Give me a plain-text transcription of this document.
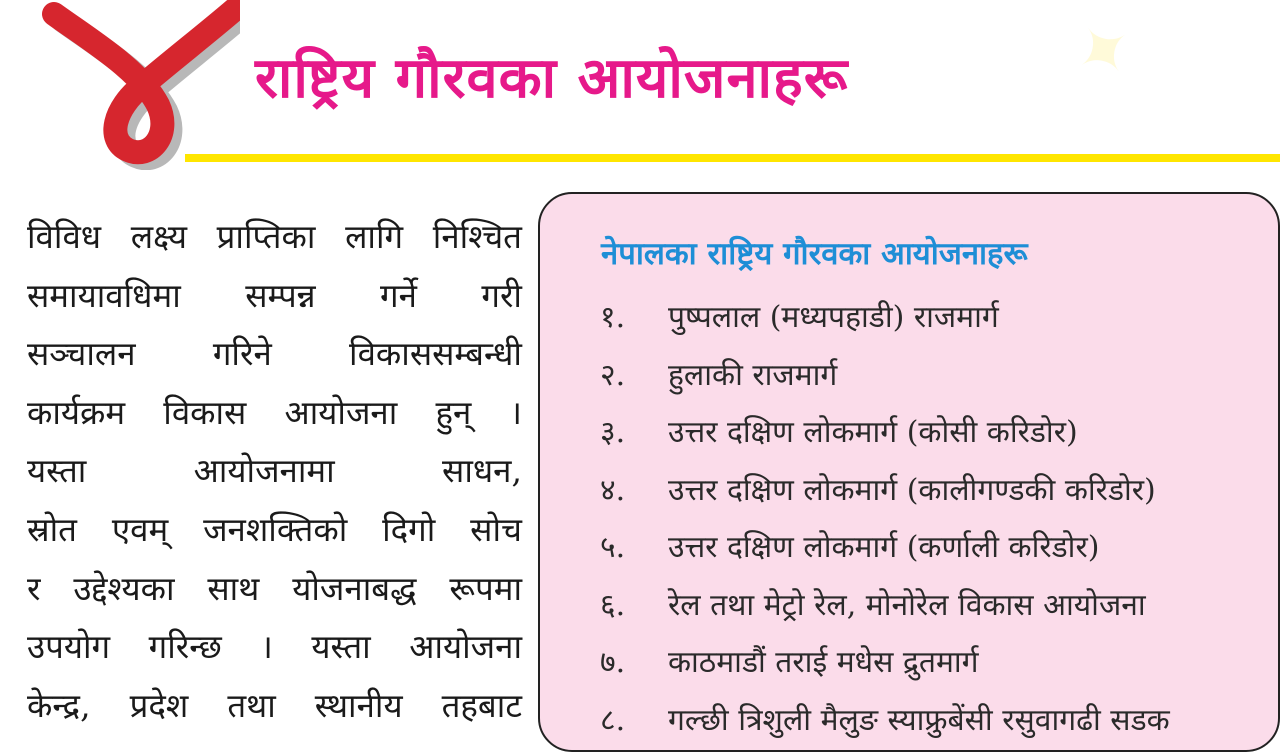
✦
राष्ट्रिय गौरवका आयोजनाहरू
विविध लक्ष्य प्राप्तिका लागि निश्चित
समायावधिमा सम्पन्न गर्ने गरी
सञ्चालन गरिने विकाससम्बन्धी
कार्यक्रम विकास आयोजना हुन् ।
यस्ता	आयोजनामा	साधन,
स्रोत एवम् जनशक्तिको दिगो सोच
र उद्देश्यका साथ योजनाबद्ध रूपमा
उपयोग गरिन्छ । यस्ता आयोजना
केन्द्र, प्रदेश तथा स्थानीय तहबाट
नेपालका राष्ट्रिय गौरवका आयोजनाहरू
१.	पुष्पलाल (मध्यपहाडी) राजमार्ग
२.	हुलाकी राजमार्ग
३.	उत्तर दक्षिण लोकमार्ग (कोसी करिडोर)
४.	उत्तर दक्षिण लोकमार्ग (कालीगण्डकी करिडोर)
५.	उत्तर दक्षिण लोकमार्ग (कर्णाली करिडोर)
६.	रेल तथा मेट्रो रेल, मोनोरेल विकास आयोजना
७.	काठमाडौं तराई मधेस द्रुतमार्ग
८.	गल्छी त्रिशुली मैलुङ स्याफ्रुबेंसी रसुवागढी सडक
